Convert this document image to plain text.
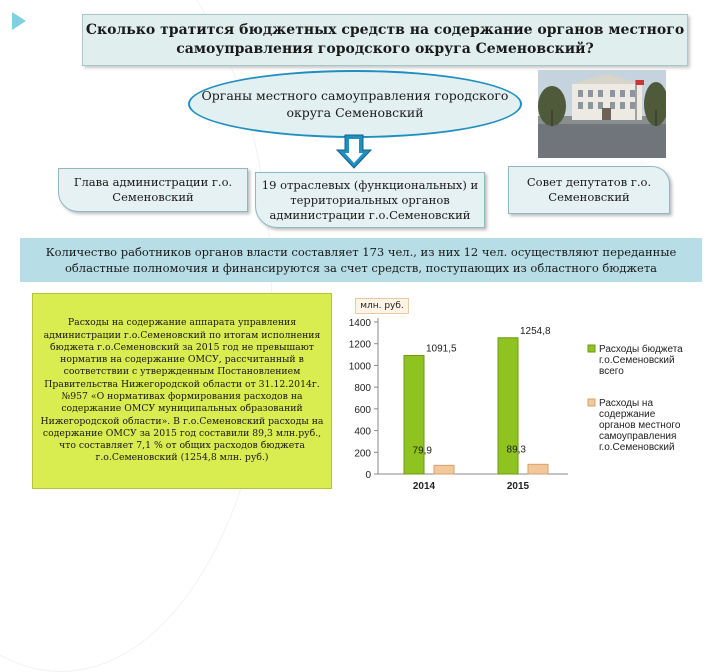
Сколько тратится бюджетных средств на содержание органов местного самоуправления городского округа Семеновский?
Органы местного самоуправления городского округа Семеновский
Глава администрации г.о. Семеновский
19 отраслевых (функциональных) и территориальных органов администрации г.о.Семеновский
Совет депутатов г.о. Семеновский
Количество работников органов власти составляет 173 чел., из них 12 чел. осуществляют переданные областные полномочия и финансируются за счет средств, поступающих из областного бюджета
Расходы на содержание аппарата управления администрации г.о.Семеновский по итогам исполнения бюджета г.о.Семеновский за 2015 год не превышают норматив на содержание ОМСУ, рассчитанный в соответствии с утвержденным Постановлением Правительства Нижегородской области от 31.12.2014г. №957 «О нормативах формирования расходов на содержание ОМСУ муниципальных образований Нижегородской области». В г.о.Семеновский расходы на содержание ОМСУ за 2015 год составили 89,3 млн.руб., что составляет 7,1 % от общих расходов бюджета г.о.Семеновский (1254,8 млн. руб.)
млн. руб.
0
200
400
600
800
1000
1200
1400
2014
1091,5
79,9
2015
1254,8
89,3
Расходы бюджета г.о.Семеновский всего
Расходы на содержание органов местного самоуправления г.о.Семеновский
